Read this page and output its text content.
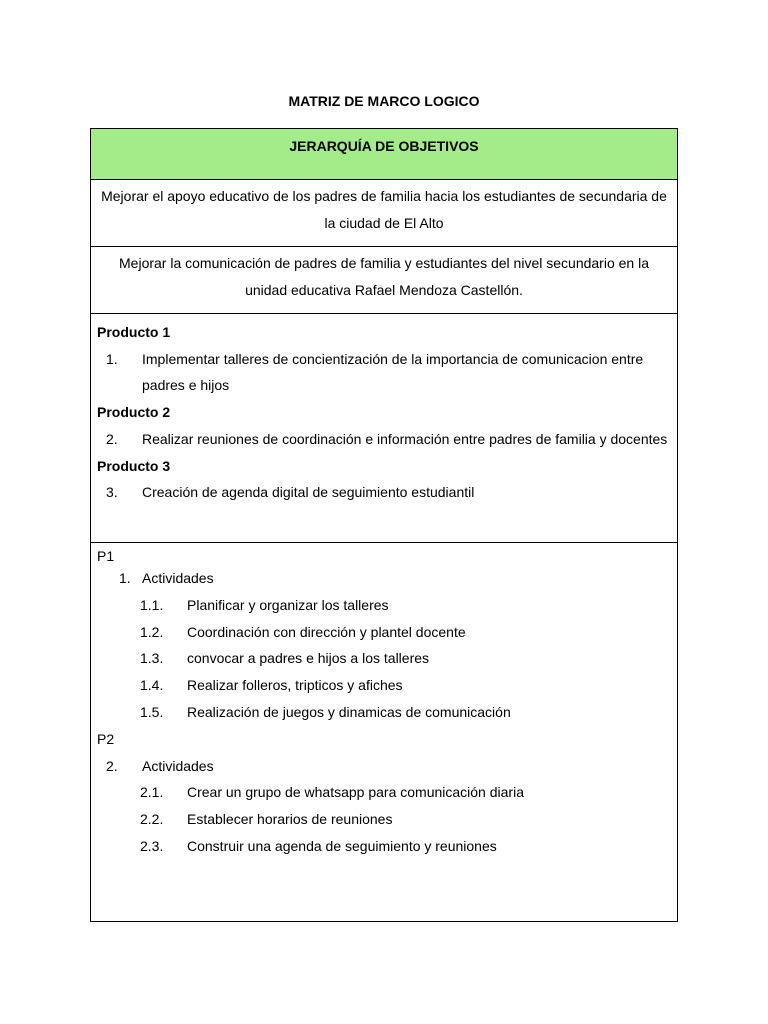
MATRIZ DE MARCO LOGICO
JERARQUÍA DE OBJETIVOS

Mejorar el apoyo educativo de los padres de familia hacia los estudiantes de secundaria de la ciudad de El Alto
Mejorar la comunicación de padres de familia y estudiantes del nivel secundario en la unidad educativa Rafael Mendoza Castellón.

Producto 1
1.	Implementar talleres de concientización de la importancia de comunicacion entre padres e hijos
Producto 2
2.	Realizar reuniones de coordinación e información entre padres de familia y docentes
Producto 3
3.	Creación de agenda digital de seguimiento estudiantil

P1
1. Actividades
1.1.	Planificar y organizar los talleres
1.2.	Coordinación con dirección y plantel docente
1.3.	convocar a padres e hijos a los talleres
1.4.	Realizar folleros, tripticos y afiches
1.5.	Realización de juegos y dinamicas de comunicación
P2
2.	Actividades
2.1.	Crear un grupo de whatsapp para comunicación diaria
2.2.	Establecer horarios de reuniones
2.3.	Construir una agenda de seguimiento y reuniones
